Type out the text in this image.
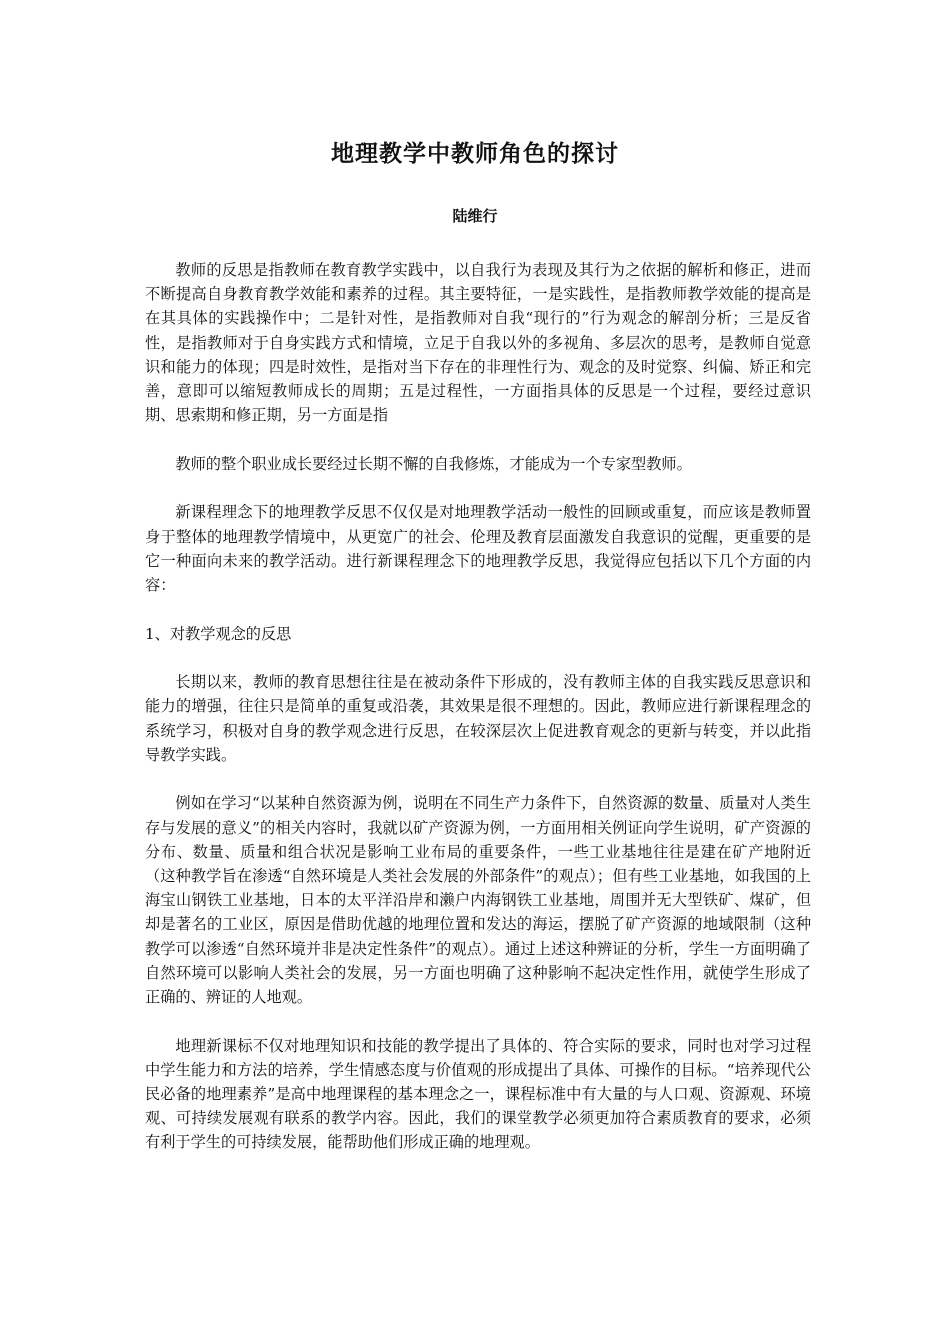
地理教学中教师角色的探讨
陆维行

教师的反思是指教师在教育教学实践中，以自我行为表现及其行为之依据的解析和修正，进而不断提高自身教育教学效能和素养的过程。其主要特征，一是实践性，是指教师教学效能的提高是在其具体的实践操作中；二是针对性，是指教师对自我“现行的”行为观念的解剖分析；三是反省性，是指教师对于自身实践方式和情境，立足于自我以外的多视角、多层次的思考，是教师自觉意识和能力的体现；四是时效性，是指对当下存在的非理性行为、观念的及时觉察、纠偏、矫正和完善，意即可以缩短教师成长的周期；五是过程性，一方面指具体的反思是一个过程，要经过意识期、思索期和修正期，另一方面是指

教师的整个职业成长要经过长期不懈的自我修炼，才能成为一个专家型教师。

新课程理念下的地理教学反思不仅仅是对地理教学活动一般性的回顾或重复，而应该是教师置身于整体的地理教学情境中，从更宽广的社会、伦理及教育层面激发自我意识的觉醒，更重要的是它一种面向未来的教学活动。进行新课程理念下的地理教学反思，我觉得应包括以下几个方面的内容：

1、对教学观念的反思

长期以来，教师的教育思想往往是在被动条件下形成的，没有教师主体的自我实践反思意识和能力的增强，往往只是简单的重复或沿袭，其效果是很不理想的。因此，教师应进行新课程理念的系统学习，积极对自身的教学观念进行反思，在较深层次上促进教育观念的更新与转变，并以此指导教学实践。

例如在学习“以某种自然资源为例，说明在不同生产力条件下，自然资源的数量、质量对人类生存与发展的意义”的相关内容时，我就以矿产资源为例，一方面用相关例证向学生说明，矿产资源的分布、数量、质量和组合状况是影响工业布局的重要条件，一些工业基地往往是建在矿产地附近（这种教学旨在渗透“自然环境是人类社会发展的外部条件”的观点）；但有些工业基地，如我国的上海宝山钢铁工业基地，日本的太平洋沿岸和濑户内海钢铁工业基地，周围并无大型铁矿、煤矿，但却是著名的工业区，原因是借助优越的地理位置和发达的海运，摆脱了矿产资源的地域限制（这种教学可以渗透“自然环境并非是决定性条件”的观点）。通过上述这种辨证的分析，学生一方面明确了自然环境可以影响人类社会的发展，另一方面也明确了这种影响不起决定性作用，就使学生形成了正确的、辨证的人地观。

地理新课标不仅对地理知识和技能的教学提出了具体的、符合实际的要求，同时也对学习过程中学生能力和方法的培养，学生情感态度与价值观的形成提出了具体、可操作的目标。“培养现代公民必备的地理素养”是高中地理课程的基本理念之一，课程标准中有大量的与人口观、资源观、环境观、可持续发展观有联系的教学内容。因此，我们的课堂教学必须更加符合素质教育的要求，必须有利于学生的可持续发展，能帮助他们形成正确的地理观。
